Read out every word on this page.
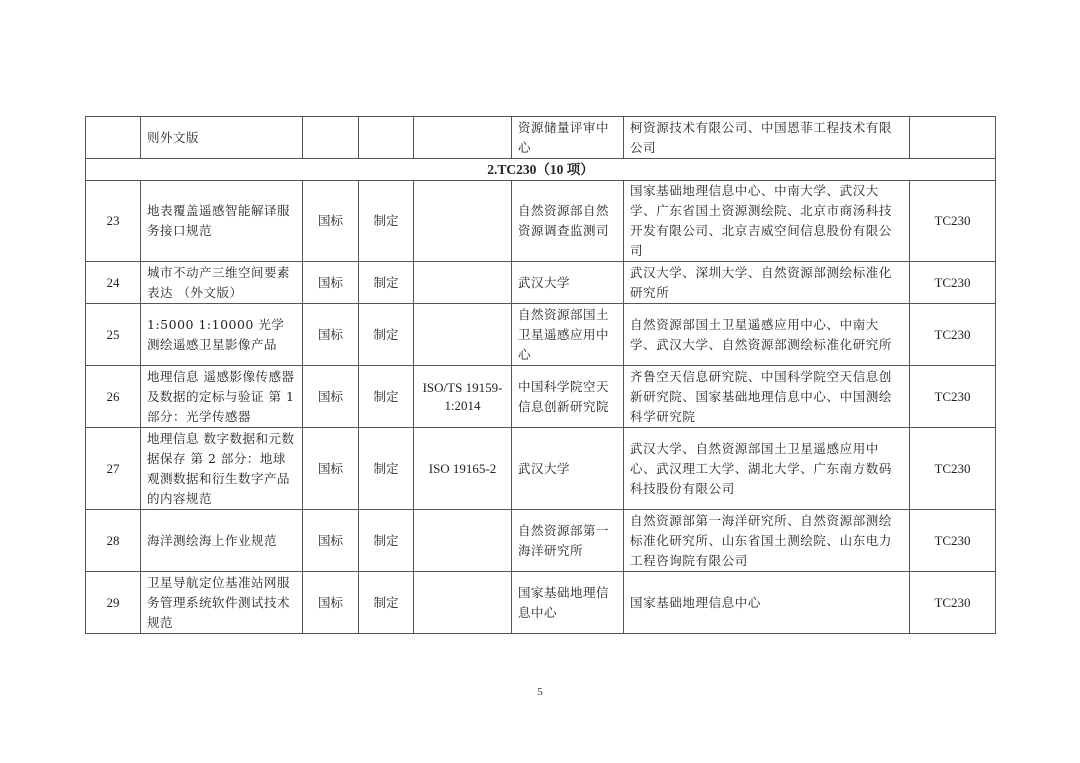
	则外文版				资源储量评审中心	柯资源技术有限公司、中国恩菲工程技术有限公司	
2.TC230（10 项）							
23	地表覆盖遥感智能解译服务接口规范	国标	制定		自然资源部自然资源调查监测司	国家基础地理信息中心、中南大学、武汉大学、广东省国土资源测绘院、北京市商汤科技开发有限公司、北京吉威空间信息股份有限公司	TC230
24	城市不动产三维空间要素表达 （外文版）	国标	制定		武汉大学	武汉大学、深圳大学、自然资源部测绘标准化研究所	TC230
25	1:5000 1:10000 光学测绘遥感卫星影像产品	国标	制定		自然资源部国土卫星遥感应用中心	自然资源部国土卫星遥感应用中心、中南大学、武汉大学、自然资源部测绘标准化研究所	TC230
26	地理信息 遥感影像传感器及数据的定标与验证 第 1 部分：光学传感器	国标	制定	ISO/TS 19159-1:2014	中国科学院空天信息创新研究院	齐鲁空天信息研究院、中国科学院空天信息创新研究院、国家基础地理信息中心、中国测绘科学研究院	TC230
27	地理信息 数字数据和元数据保存 第 2 部分：地球观测数据和衍生数字产品的内容规范	国标	制定	ISO 19165-2	武汉大学	武汉大学、自然资源部国土卫星遥感应用中心、武汉理工大学、湖北大学、广东南方数码科技股份有限公司	TC230
28	海洋测绘海上作业规范	国标	制定		自然资源部第一海洋研究所	自然资源部第一海洋研究所、自然资源部测绘标准化研究所、山东省国土测绘院、山东电力工程咨询院有限公司	TC230
29	卫星导航定位基准站网服务管理系统软件测试技术规范	国标	制定		国家基础地理信息中心	国家基础地理信息中心	TC230
5
